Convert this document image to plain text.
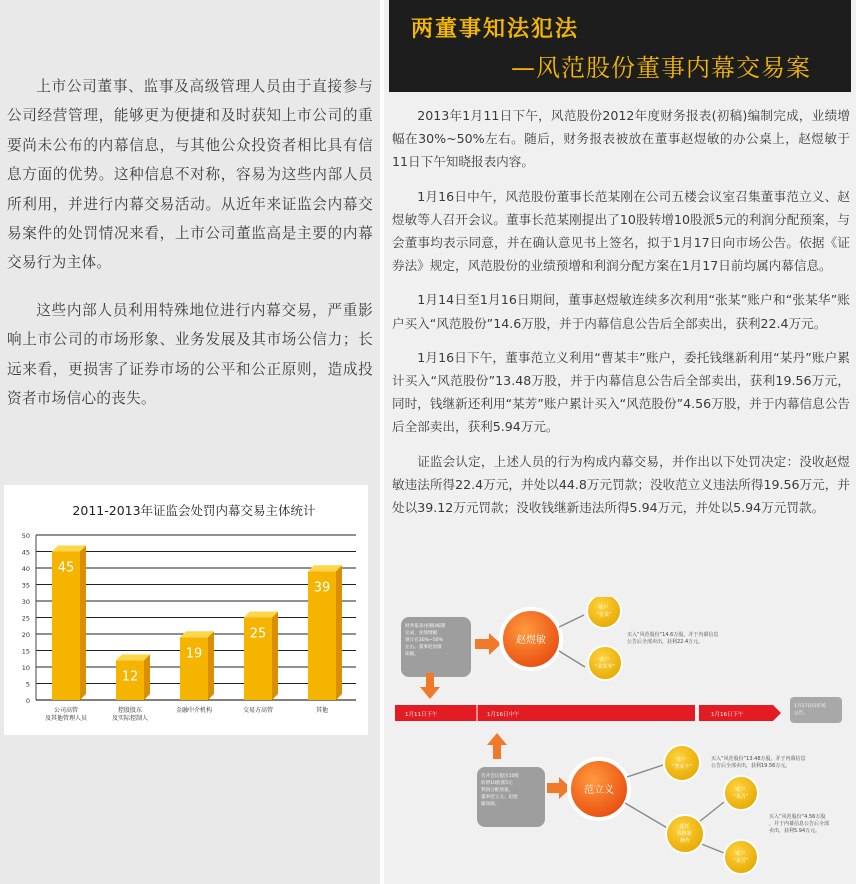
上市公司董事、监事及高级管理人员由于直接参与公司经营管理，能够更为便捷和及时获知上市公司的重要尚未公布的内幕信息，与其他公众投资者相比具有信息方面的优势。这种信息不对称，容易为这些内部人员所利用，并进行内幕交易活动。从近年来证监会内幕交易案件的处罚情况来看，上市公司董监高是主要的内幕交易行为主体。

这些内部人员利用特殊地位进行内幕交易，严重影响上市公司的市场形象、业务发展及其市场公信力；长远来看，更损害了证券市场的公平和公正原则，造成投资者市场信心的丧失。

2011-2013年证监会处罚内幕交易主体统计
0
5
10
15
20
25
30
35
40
45
50
45
公司高管
及其他管理人员
12
控股股东
及实际控制人
19
金融中介机构
25
交易方高管
39
其他
两董事知法犯法
—风范股份董事内幕交易案

2013年1月11日下午，风范股份2012年度财务报表(初稿)编制完成，业绩增幅在30%~50%左右。随后，财务报表被放在董事赵煜敏的办公桌上，赵煜敏于11日下午知晓报表内容。

1月16日中午，风范股份董事长范某刚在公司五楼会议室召集董事范立义、赵煜敏等人召开会议。董事长范某刚提出了10股转增10股派5元的利润分配预案，与会董事均表示同意，并在确认意见书上签名，拟于1月17日向市场公告。依据《证券法》规定，风范股份的业绩预增和利润分配方案在1月17日前均属内幕信息。

1月14日至1月16日期间，董事赵煜敏连续多次利用“张某”账户和“张某华”账户买入“风范股份”14.6万股，并于内幕信息公告后全部卖出，获利22.4万元。

1月16日下午，董事范立义利用“曹某丰”账户，委托钱继新利用“某丹”账户累计买入“风范股份”13.48万股，并于内幕信息公告后全部卖出，获利19.56万元，同时，钱继新还利用“某芳”账户累计买入“风范股份”4.56万股，并于内幕信息公告后全部卖出，获利5.94万元。

证监会认定，上述人员的行为构成内幕交易，并作出以下处罚决定：没收赵煜敏违法所得22.4万元，并处以44.8万元罚款；没收范立义违法所得19.56万元，并处以39.12万元罚款；没收钱继新违法所得5.94万元，并处以5.94万元罚款。

财务报表(初稿)编制 完成，业绩增幅 预计在30%~50% 左右。董事赵煜敏 知晓。
赵煜敏
账户 “张某”
账户 “张某华”
买入“风范股份”14.6万股，并于内幕信息 公告后全部卖出，获利22.4万元。
1月11日下午	1月16日中午	1月16日下午
1月17日向市场 公告。
召开会议提出10股 转增10股派5元 利润分配预案， 董事范立义、赵煜 敏知晓。
范立义
账户 “曹某丰”
委托 钱继新 操作
账户 “某丹”
账户 “某芳”
买入“风范股份”13.48万股，并于内幕信息 公告后全部卖出，获利19.56万元。
买入“风范股份”4.56万股 ，并于内幕信息公告后全部 卖出，获利5.94万元。
